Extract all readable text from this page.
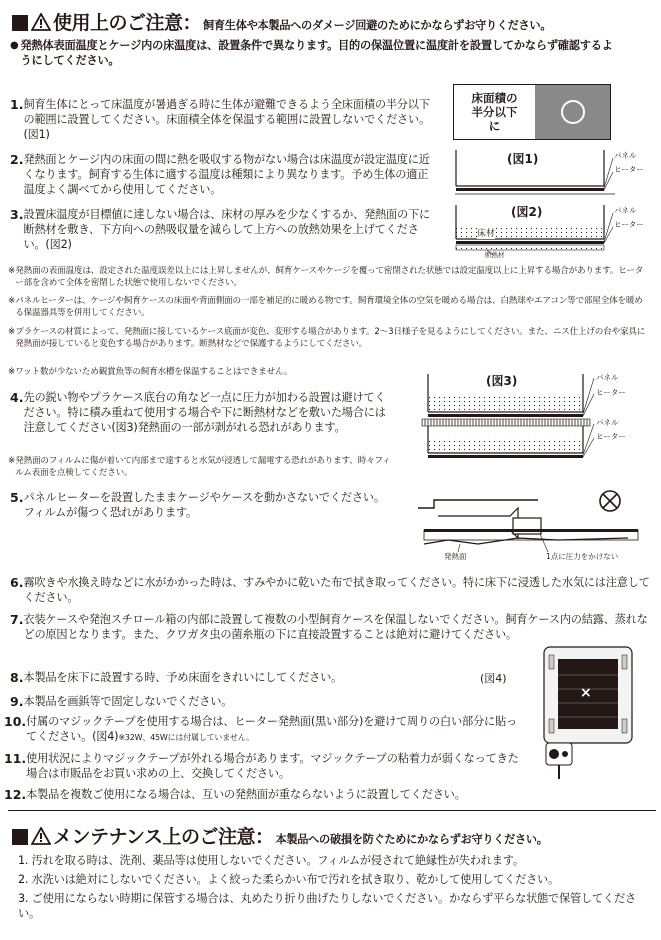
使用上のご注意 ： 飼育生体や本製品へのダメージ回避のためにかならずお守りください。
● 発熱体表面温度とケージ内の床温度は、設置条件で異なります。目的の保温位置に温度計を設置してかならず確認するようにしてください。
1. 飼育生体にとって床温度が暑過ぎる時に生体が避難できるよう全床面積の半分以下の範囲に設置してください。床面積全体を保温する範囲に設置しないでください。(図1)
2. 発熱面とケージ内の床面の間に熱を吸収する物がない場合は床温度が設定温度に近くなります。飼育する生体に適する温度は種類により異なります。予め生体の適正温度よく調べてから使用してください。
3. 設置床温度が目標値に達しない場合は、床材の厚みを少なくするか、発熱面の下に断熱材を敷き、下方向への熱吸収量を減らして上方への放熱効果を上げてください。(図2)
床面積の
半分以下
に
(図1)	パネル
ヒーター
(図2)
床材
パネル
ヒーター
断熱材
※ 発熱面の表面温度は、設定された温度誤差以上には上昇しませんが、飼育ケースやケージを覆って密閉された状態では設定温度以上に上昇する場合があります。ヒーター部を含めて全体を密閉した状態で使用しないでください。
※ パネルヒーターは、ケージや飼育ケースの床面や背面側面の一部を補足的に暖める物です。飼育環境全体の空気を暖める場合は、白熱球やエアコン等で部屋全体を暖める保温器具等を併用してください。
※ プラケースの材質によって、発熱面に接しているケース底面が変色、変形する場合があります。2〜3日様子を見るようにしてください。また、ニス仕上げの台や家具に発熱面が接していると変色する場合があります。断熱材などで保護するようにしてください。
※ ワット数が少ないため観賞魚等の飼育水槽を保温することはできません。
4. 先の鋭い物やプラケース底台の角など一点に圧力が加わる設置は避けてください。特に積み重ねて使用する場合や下に断熱材などを敷いた場合には注意してください(図3)発熱面の一部が剥がれる恐れがあります。
※ 発熱面のフィルムに傷が着いて内部まで達すると水気が浸透して漏電する恐れがあります、時々フィルム表面を点検してください。
5. パネルヒーターを設置したままケージやケースを動かさないでください。フィルムが傷つく恐れがあります。
(図3)	パネル
ヒーター
パネル
ヒーター
発熱面	1点に圧力をかけない
6. 霧吹きや水換え時などに水がかかった時は、すみやかに乾いた布で拭き取ってください。特に床下に浸透した水気には注意してください。
7. 衣装ケースや発泡スチロール箱の内部に設置して複数の小型飼育ケースを保温しないでください。飼育ケース内の結露、蒸れなどの原因となります。また、クワガタ虫の菌糸瓶の下に直接設置することは絶対に避けてください。
8. 本製品を床下に設置する時、予め床面をきれいにしてください。
9. 本製品を画鋲等で固定しないでください。
10. 付属のマジックテープを使用する場合は、ヒーター発熱面(黒い部分)を避けて周りの白い部分に貼ってください。(図4)※32W、45Wには付属していません。
11. 使用状況によりマジックテープが外れる場合があります。マジックテープの粘着力が弱くなってきた場合は市販品をお買い求めの上、交換してください。
(図4)
×
12. 本製品を複数ご使用になる場合は、互いの発熱面が重ならないように設置してください。
メンテナンス上のご注意 ： 本製品への破損を防ぐためにかならずお守りください。
1. 汚れを取る時は、洗剤、薬品等は使用しないでください。フィルムが侵されて絶縁性が失われます。
2. 水洗いは絶対にしないでください。よく絞った柔らかい布で汚れを拭き取り、乾かして使用してください。
3. ご使用にならない時期に保管する場合は、丸めたり折り曲げたりしないでください。かならず平らな状態で保管してください。
